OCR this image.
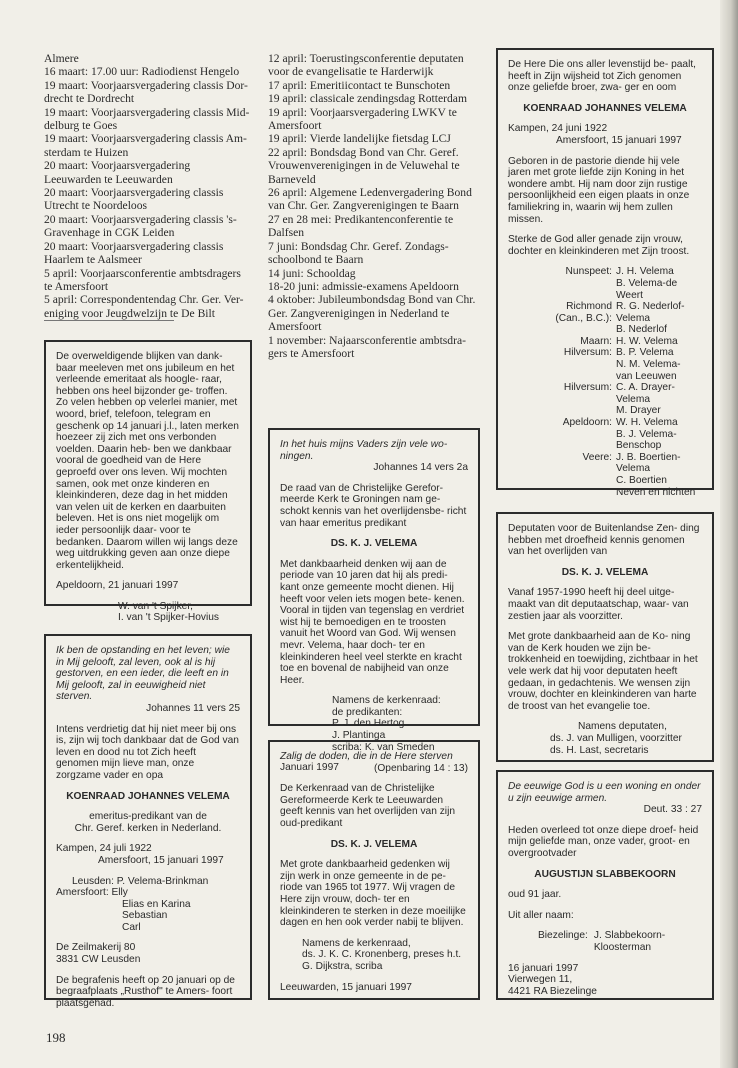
Almere

16 maart: 17.00 uur: Radiodienst Hengelo

19 maart: Voorjaarsvergadering classis Dor- drecht te Dordrecht

19 maart: Voorjaarsvergadering classis Mid- delburg te Goes

19 maart: Voorjaarsvergadering classis Am- sterdam te Huizen

20 maart: Voorjaarsvergadering Leeuwarden te Leeuwarden

20 maart: Voorjaarsvergadering classis Utrecht te Noordeloos

20 maart: Voorjaarsvergadering classis 's- Gravenhage in CGK Leiden

20 maart: Voorjaarsvergadering classis Haarlem te Aalsmeer

5 april: Voorjaarsconferentie ambtsdragers te Amersfoort

5 april: Correspondentendag Chr. Ger. Ver- eniging voor Jeugdwelzijn te De Bilt

12 april: Toerustingsconferentie deputaten voor de evangelisatie te Harderwijk

17 april: Emeritiicontact te Bunschoten

19 april: classicale zendingsdag Rotterdam

19 april: Voorjaarsvergadering LWKV te Amersfoort

19 april: Vierde landelijke fietsdag LCJ

22 april: Bondsdag Bond van Chr. Geref. Vrouwenverenigingen in de Veluwehal te Barneveld

26 april: Algemene Ledenvergadering Bond van Chr. Ger. Zangverenigingen te Baarn

27 en 28 mei: Predikantenconferentie te Dalfsen

7 juni: Bondsdag Chr. Geref. Zondags- schoolbond te Baarn

14 juni: Schooldag

18-20 juni: admissie-examens Apeldoorn

4 oktober: Jubileumbondsdag Bond van Chr. Ger. Zangverenigingen in Nederland te Amersfoort

1 november: Najaarsconferentie ambtsdra- gers te Amersfoort

De overweldigende blijken van dank- baar meeleven met ons jubileum en het verleende emeritaat als hoogle- raar, hebben ons heel bijzonder ge- troffen. Zo velen hebben op velerlei manier, met woord, brief, telefoon, telegram en geschenk op 14 januari j.l., laten merken hoezeer zij zich met ons verbonden voelden. Daarin heb- ben we dankbaar vooral de goedheid van de Here geproefd over ons leven. Wij mochten samen, ook met onze kinderen en kleinkinderen, deze dag in het midden van velen uit de kerken en daarbuiten beleven. Het is ons niet mogelijk om ieder persoonlijk daar- voor te bedanken. Daarom willen wij langs deze weg uitdrukking geven aan onze diepe erkentelijkheid.

Apeldoorn, 21 januari 1997

W. van 't Spijker,

I. van 't Spijker-Hovius

Ik ben de opstanding en het leven; wie in Mij gelooft, zal leven, ook al is hij gestorven, en een ieder, die leeft en in Mij gelooft, zal in eeuwigheid niet sterven.

Johannes 11 vers 25

Intens verdrietig dat hij niet meer bij ons is, zijn wij toch dankbaar dat de God van leven en dood nu tot Zich heeft genomen mijn lieve man, onze zorgzame vader en opa

KOENRAAD JOHANNES VELEMA

emeritus-predikant van de

Chr. Geref. kerken in Nederland.

Kampen, 24 juli 1922

Amersfoort, 15 januari 1997

Leusden: P. Velema-Brinkman

Amersfoort: Elly

Elias en Karina

Sebastian

Carl

De Zeilmakerij 80

3831 CW Leusden

De begrafenis heeft op 20 januari op de begraafplaats „Rusthof" te Amers- foort plaatsgehad.

In het huis mijns Vaders zijn vele wo- ningen.

Johannes 14 vers 2a

De raad van de Christelijke Gerefor- meerde Kerk te Groningen nam ge- schokt kennis van het overlijdensbe- richt van haar emeritus predikant

DS. K. J. VELEMA

Met dankbaarheid denken wij aan de periode van 10 jaren dat hij als predi- kant onze gemeente mocht dienen. Hij heeft voor velen iets mogen bete- kenen. Vooral in tijden van tegenslag en verdriet wist hij te bemoedigen en te troosten vanuit het Woord van God. Wij wensen mevr. Velema, haar doch- ter en kleinkinderen heel veel sterkte en kracht toe en bovenal de nabijheid van onze Heer.

Namens de kerkenraad:

de predikanten:

P. J. den Hertog

J. Plantinga

scriba: K. van Smeden

Januari 1997

Zalig de doden, die in de Here sterven

(Openbaring 14 : 13)

De Kerkenraad van de Christelijke Gereformeerde Kerk te Leeuwarden geeft kennis van het overlijden van zijn oud-predikant

DS. K. J. VELEMA

Met grote dankbaarheid gedenken wij zijn werk in onze gemeente in de pe- riode van 1965 tot 1977. Wij vragen de Here zijn vrouw, doch- ter en kleinkinderen te sterken in deze moeilijke dagen en hen ook verder nabij te blijven.

Namens de kerkenraad,

ds. J. K. C. Kronenberg, preses h.t.

G. Dijkstra, scriba

Leeuwarden, 15 januari 1997

De Here Die ons aller levenstijd be- paalt, heeft in Zijn wijsheid tot Zich genomen onze geliefde broer, zwa- ger en oom

KOENRAAD JOHANNES VELEMA

Kampen, 24 juni 1922

Amersfoort, 15 januari 1997

Geboren in de pastorie diende hij vele jaren met grote liefde zijn Koning in het wondere ambt. Hij nam door zijn rustige persoonlijkheid een eigen plaats in onze familiekring in, waarin wij hem zullen missen.

Sterke de God aller genade zijn vrouw, dochter en kleinkinderen met Zijn troost.

Nunspeet:	J. H. Velema
B. Velema-de Weert

Richmond	R. G. Nederlof-

(Can., B.C.):	Velema
B. Nederlof

Maarn:	H. W. Velema

Hilversum:	B. P. Velema
N. M. Velema-
van Leeuwen

Hilversum:	C. A. Drayer-
Velema
M. Drayer

Apeldoorn:	W. H. Velema
B. J. Velema-
Benschop

Veere:	J. B. Boertien-
Velema
C. Boertien
Neven en nichten

Deputaten voor de Buitenlandse Zen- ding hebben met droefheid kennis genomen van het overlijden van

DS. K. J. VELEMA

Vanaf 1957-1990 heeft hij deel uitge- maakt van dit deputaatschap, waar- van zestien jaar als voorzitter.

Met grote dankbaarheid aan de Ko- ning van de Kerk houden we zijn be- trokkenheid en toewijding, zichtbaar in het vele werk dat hij voor deputaten heeft gedaan, in gedachtenis. We wensen zijn vrouw, dochter en kleinkinderen van harte de troost van het evangelie toe.

Namens deputaten,

ds. J. van Mulligen, voorzitter

ds. H. Last, secretaris

De eeuwige God is u een woning en onder u zijn eeuwige armen.

Deut. 33 : 27

Heden overleed tot onze diepe droef- heid mijn geliefde man, onze vader, groot- en overgrootvader

AUGUSTIJN SLABBEKOORN

oud 91 jaar.

Uit aller naam:

Biezelinge:	J. Slabbekoorn-
Kloosterman

16 januari 1997

Vierwegen 11,

4421 RA Biezelinge

198
